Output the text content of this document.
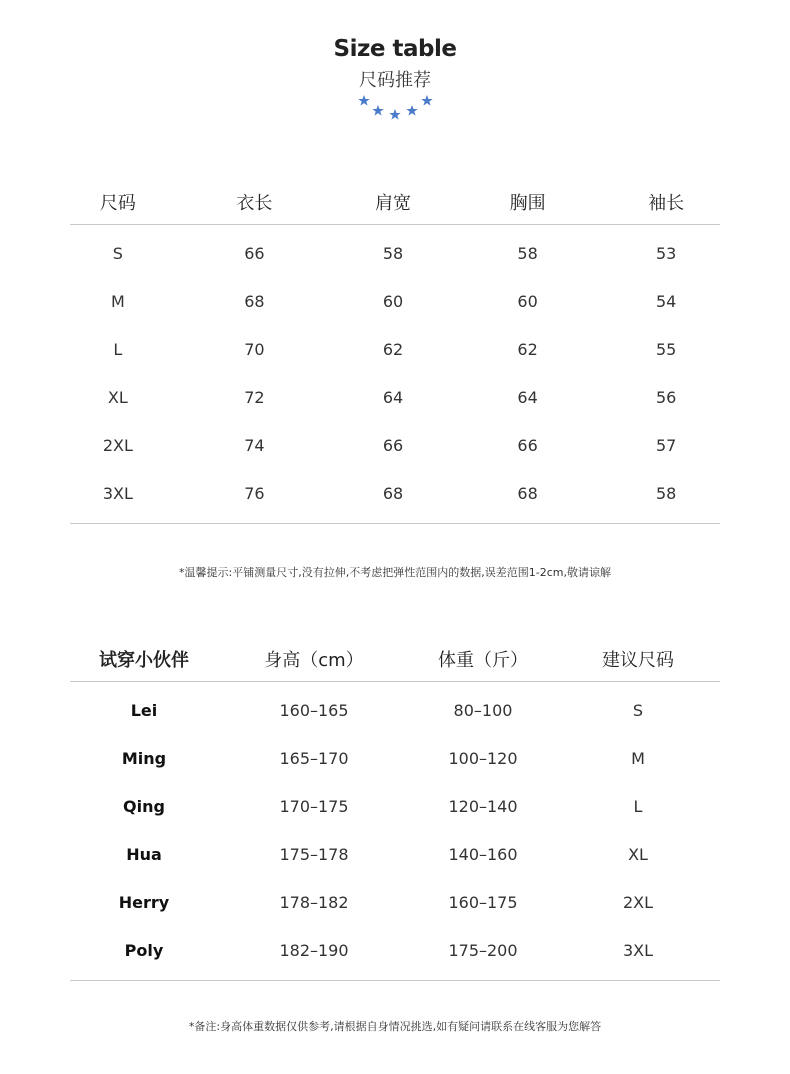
Size table
尺码推荐
尺码	衣长	肩宽	胸围	袖长
S	66	58	58	53
M	68	60	60	54
L	70	62	62	55
XL	72	64	64	56
2XL	74	66	66	57
3XL	76	68	68	58
*温馨提示:平铺测量尺寸,没有拉伸,不考虑把弹性范围内的数据,误差范围1-2cm,敬请谅解
试穿小伙伴	身高（cm）	体重（斤）	建议尺码
Lei	160–165	80–100	S
Ming	165–170	100–120	M
Qing	170–175	120–140	L
Hua	175–178	140–160	XL
Herry	178–182	160–175	2XL
Poly	182–190	175–200	3XL
*备注:身高体重数据仅供参考,请根据自身情况挑选,如有疑问请联系在线客服为您解答
